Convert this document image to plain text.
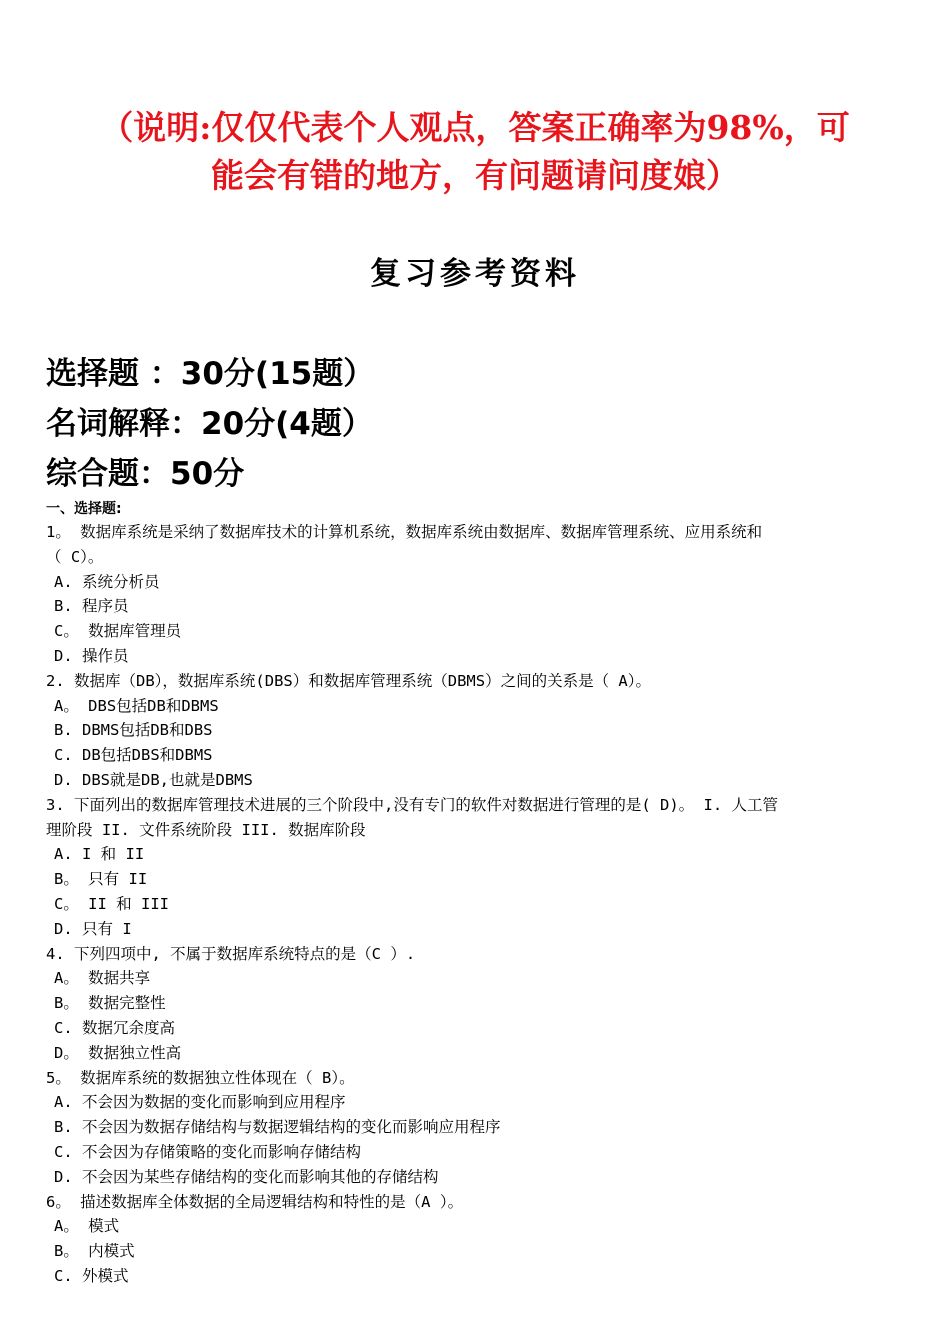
（说明:仅仅代表个人观点，答案正确率为98%，可
能会有错的地方，有问题请问度娘）
复习参考资料
选择题 ：30分(15题）
名词解释：20分(4题）
综合题：50分
一、选择题:
1。 数据库系统是采纳了数据库技术的计算机系统，数据库系统由数据库、数据库管理系统、应用系统和
（ C）。
A. 系统分析员
B. 程序员
C。 数据库管理员
D. 操作员
2. 数据库（DB），数据库系统(DBS）和数据库管理系统（DBMS）之间的关系是（ A）。
A。 DBS包括DB和DBMS
B. DBMS包括DB和DBS
C. DB包括DBS和DBMS
D. DBS就是DB,也就是DBMS
3. 下面列出的数据库管理技术进展的三个阶段中,没有专门的软件对数据进行管理的是( D)。 I. 人工管
理阶段 II. 文件系统阶段 III. 数据库阶段
A. I 和 II
B。 只有 II
C。 II 和 III
D. 只有 I
4. 下列四项中, 不属于数据库系统特点的是（C ）.
A。 数据共享
B。 数据完整性
C. 数据冗余度高
D。 数据独立性高
5。 数据库系统的数据独立性体现在（ B）。
A. 不会因为数据的变化而影响到应用程序
B. 不会因为数据存储结构与数据逻辑结构的变化而影响应用程序
C. 不会因为存储策略的变化而影响存储结构
D. 不会因为某些存储结构的变化而影响其他的存储结构
6。 描述数据库全体数据的全局逻辑结构和特性的是（A ）。
A。 模式
B。 内模式
C. 外模式
